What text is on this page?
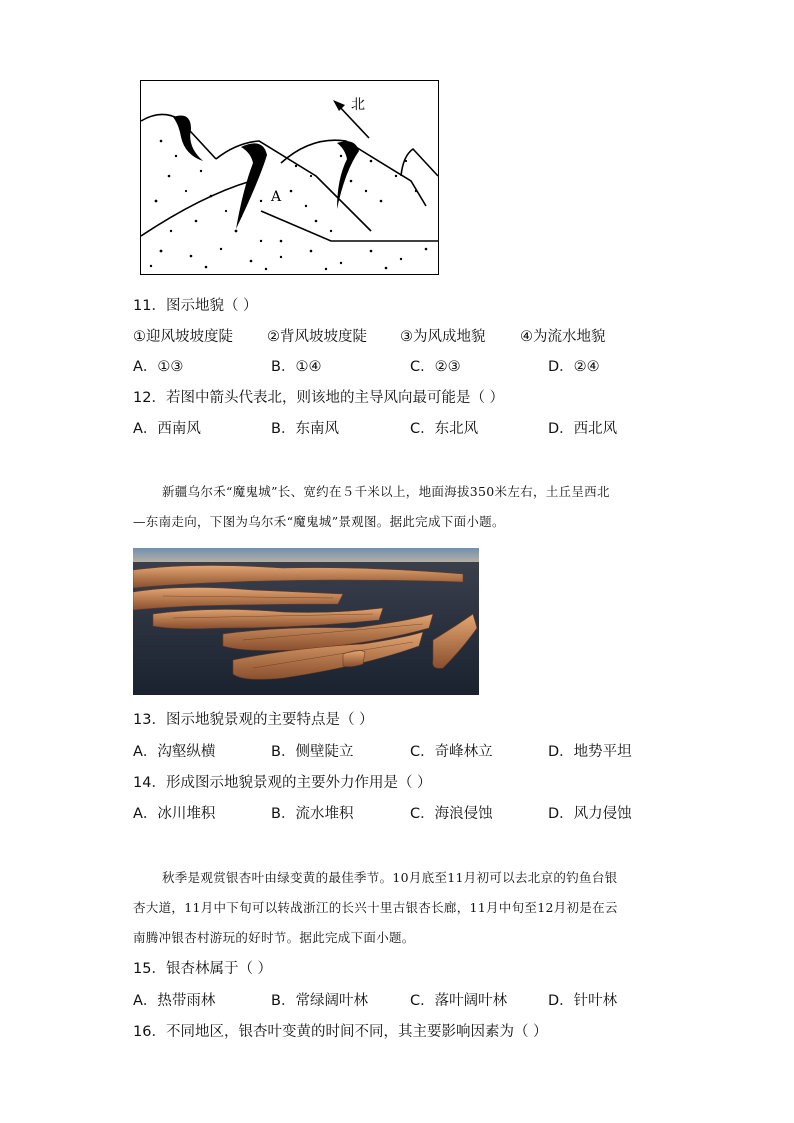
北
A
11．图示地貌（ ）
①迎风坡坡度陡 ②背风坡坡度陡 ③为风成地貌 ④为流水地貌
A．①③	B．①④	C．②③	D．②④
12．若图中箭头代表北，则该地的主导风向最可能是（ ）
A．西南风	B．东南风	C．东北风	D．西北风
新疆乌尔禾“魔鬼城”长、宽约在５千米以上，地面海拔350米左右，土丘呈西北
—东南走向，下图为乌尔禾“魔鬼城”景观图。据此完成下面小题。
13．图示地貌景观的主要特点是（ ）
A．沟壑纵横	B．侧壁陡立	C．奇峰林立	D．地势平坦
14．形成图示地貌景观的主要外力作用是（ ）
A．冰川堆积	B．流水堆积	C．海浪侵蚀	D．风力侵蚀
秋季是观赏银杏叶由绿变黄的最佳季节。10月底至11月初可以去北京的钓鱼台银
杏大道，11月中下旬可以转战浙江的长兴十里古银杏长廊，11月中旬至12月初是在云
南腾冲银杏村游玩的好时节。据此完成下面小题。
15．银杏林属于（ ）
A．热带雨林	B．常绿阔叶林	C．落叶阔叶林	D．针叶林
16．不同地区，银杏叶变黄的时间不同，其主要影响因素为（ ）
